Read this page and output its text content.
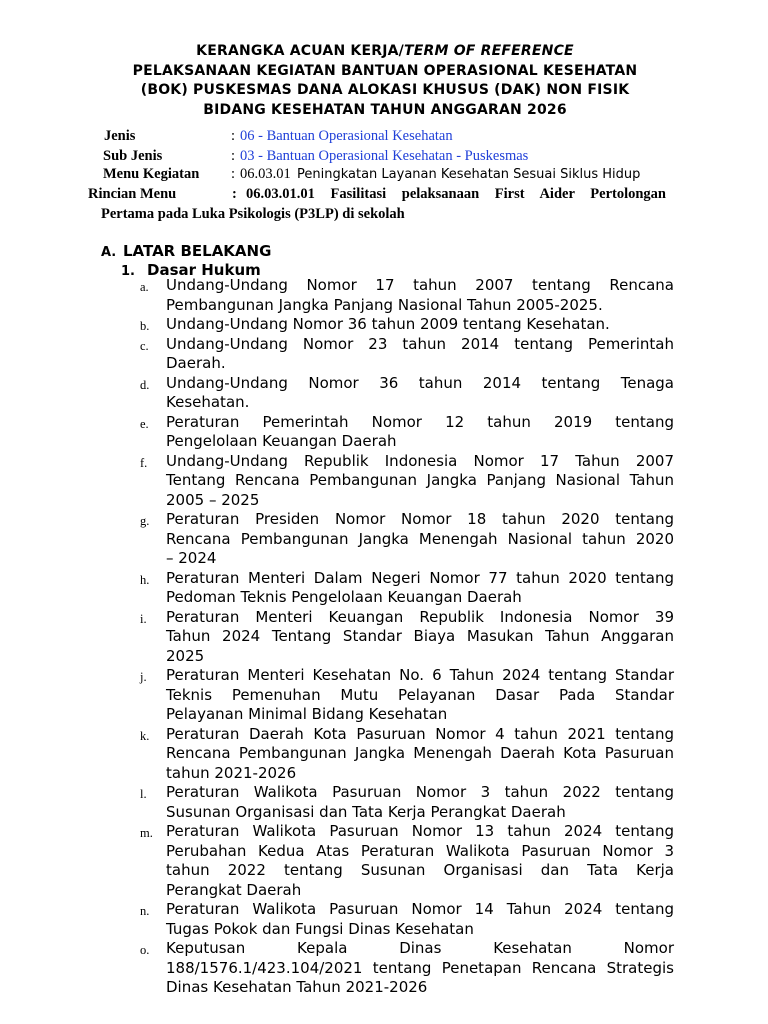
KERANGKA ACUAN KERJA/TERM OF REFERENCE
PELAKSANAAN KEGIATAN BANTUAN OPERASIONAL KESEHATAN
(BOK) PUSKESMAS DANA ALOKASI KHUSUS (DAK) NON FISIK
BIDANG KESEHATAN TAHUN ANGGARAN 2026
Jenis	: 06 - Bantuan Operasional Kesehatan
Sub Jenis	: 03 - Bantuan Operasional Kesehatan - Puskesmas
Menu Kegiatan : 06.03.01 Peningkatan Layanan Kesehatan Sesuai Siklus Hidup
Rincian Menu	: 06.03.01.01 Fasilitasi pelaksanaan First Aider Pertolongan
Pertama pada Luka Psikologis (P3LP) di sekolah
A. LATAR BELAKANG
1. Dasar Hukum
a.	Undang-Undang Nomor 17 tahun 2007 tentang Rencana
Pembangunan Jangka Panjang Nasional Tahun 2005-2025.
b.	Undang-Undang Nomor 36 tahun 2009 tentang Kesehatan.
c.	Undang-Undang Nomor 23 tahun 2014 tentang Pemerintah
Daerah.
d.	Undang-Undang Nomor 36 tahun 2014 tentang Tenaga
Kesehatan.
e.	Peraturan Pemerintah Nomor 12 tahun 2019 tentang
Pengelolaan Keuangan Daerah
f.	Undang-Undang Republik Indonesia Nomor 17 Tahun 2007
Tentang Rencana Pembangunan Jangka Panjang Nasional Tahun
2005 – 2025
g.	Peraturan Presiden Nomor Nomor 18 tahun 2020 tentang
Rencana Pembangunan Jangka Menengah Nasional tahun 2020
– 2024
h.	Peraturan Menteri Dalam Negeri Nomor 77 tahun 2020 tentang
Pedoman Teknis Pengelolaan Keuangan Daerah
i.	Peraturan Menteri Keuangan Republik Indonesia Nomor 39
Tahun 2024 Tentang Standar Biaya Masukan Tahun Anggaran
2025
j.	Peraturan Menteri Kesehatan No. 6 Tahun 2024 tentang Standar
Teknis Pemenuhan Mutu Pelayanan Dasar Pada Standar
Pelayanan Minimal Bidang Kesehatan
k.	Peraturan Daerah Kota Pasuruan Nomor 4 tahun 2021 tentang
Rencana Pembangunan Jangka Menengah Daerah Kota Pasuruan
tahun 2021-2026
l.	Peraturan Walikota Pasuruan Nomor 3 tahun 2022 tentang
Susunan Organisasi dan Tata Kerja Perangkat Daerah
m. Peraturan Walikota Pasuruan Nomor 13 tahun 2024 tentang
Perubahan Kedua Atas Peraturan Walikota Pasuruan Nomor 3
tahun 2022 tentang Susunan Organisasi dan Tata Kerja
Perangkat Daerah
n.	Peraturan Walikota Pasuruan Nomor 14 Tahun 2024 tentang
Tugas Pokok dan Fungsi Dinas Kesehatan
o.	Keputusan Kepala Dinas Kesehatan Nomor
188/1576.1/423.104/2021 tentang Penetapan Rencana Strategis
Dinas Kesehatan Tahun 2021-2026
